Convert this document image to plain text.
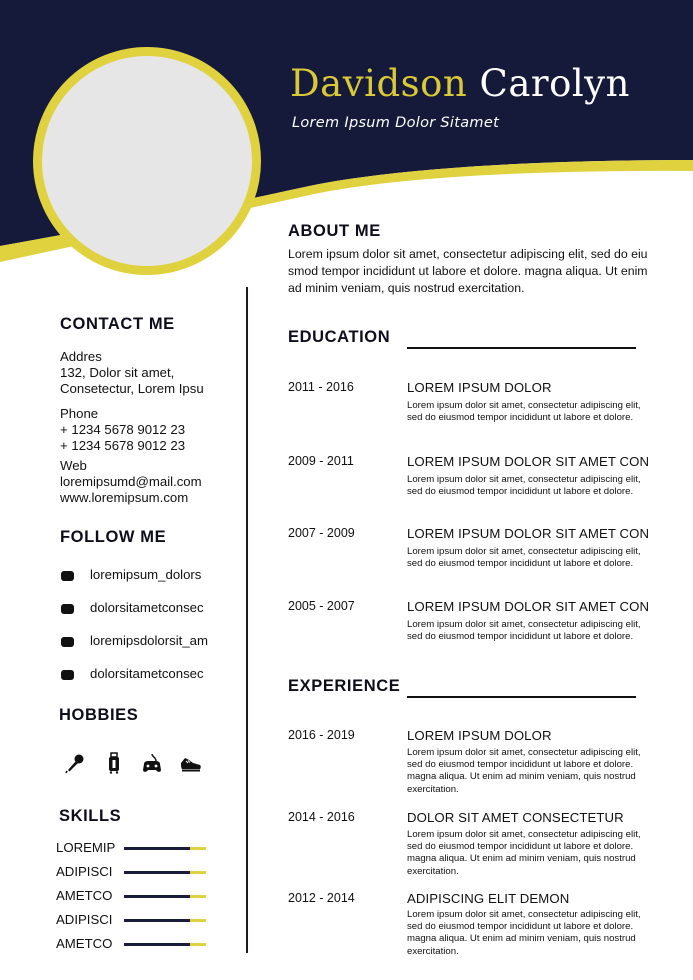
Davidson Carolyn
Lorem Ipsum Dolor Sitamet
CONTACT ME
Addres
132, Dolor sit amet,
Consetectur, Lorem Ipsu
Phone
+ 1234 5678 9012 23
+ 1234 5678 9012 23
Web
loremipsumd@mail.com
www.loremipsum.com
FOLLOW ME
loremipsum_dolors
dolorsitametconsec
loremipsdolorsit_am
dolorsitametconsec
HOBBIES
SKILLS
LOREMIP
ADIPISCI
AMETCO
ADIPISCI
AMETCO
ABOUT ME
Lorem ipsum dolor sit amet, consectetur adipiscing elit, sed do eiu smod tempor incididunt ut labore et dolore. magna aliqua. Ut enim ad minim veniam, quis nostrud exercitation.
EDUCATION
2011 - 2016	LOREM IPSUM DOLOR
Lorem ipsum dolor sit amet, consectetur adipiscing elit, sed do eiusmod tempor incididunt ut labore et dolore.
2009 - 2011	LOREM IPSUM DOLOR SIT AMET CON
Lorem ipsum dolor sit amet, consectetur adipiscing elit, sed do eiusmod tempor incididunt ut labore et dolore.
2007 - 2009	LOREM IPSUM DOLOR SIT AMET CON
Lorem ipsum dolor sit amet, consectetur adipiscing elit, sed do eiusmod tempor incididunt ut labore et dolore.
2005 - 2007	LOREM IPSUM DOLOR SIT AMET CON
Lorem ipsum dolor sit amet, consectetur adipiscing elit, sed do eiusmod tempor incididunt ut labore et dolore.
EXPERIENCE
2016 - 2019	LOREM IPSUM DOLOR
Lorem ipsum dolor sit amet, consectetur adipiscing elit, sed do eiusmod tempor incididunt ut labore et dolore. magna aliqua. Ut enim ad minim veniam, quis nostrud exercitation.
2014 - 2016	DOLOR SIT AMET CONSECTETUR
Lorem ipsum dolor sit amet, consectetur adipiscing elit, sed do eiusmod tempor incididunt ut labore et dolore. magna aliqua. Ut enim ad minim veniam, quis nostrud exercitation.
2012 - 2014	ADIPISCING ELIT DEMON
Lorem ipsum dolor sit amet, consectetur adipiscing elit, sed do eiusmod tempor incididunt ut labore et dolore. magna aliqua. Ut enim ad minim veniam, quis nostrud exercitation.
